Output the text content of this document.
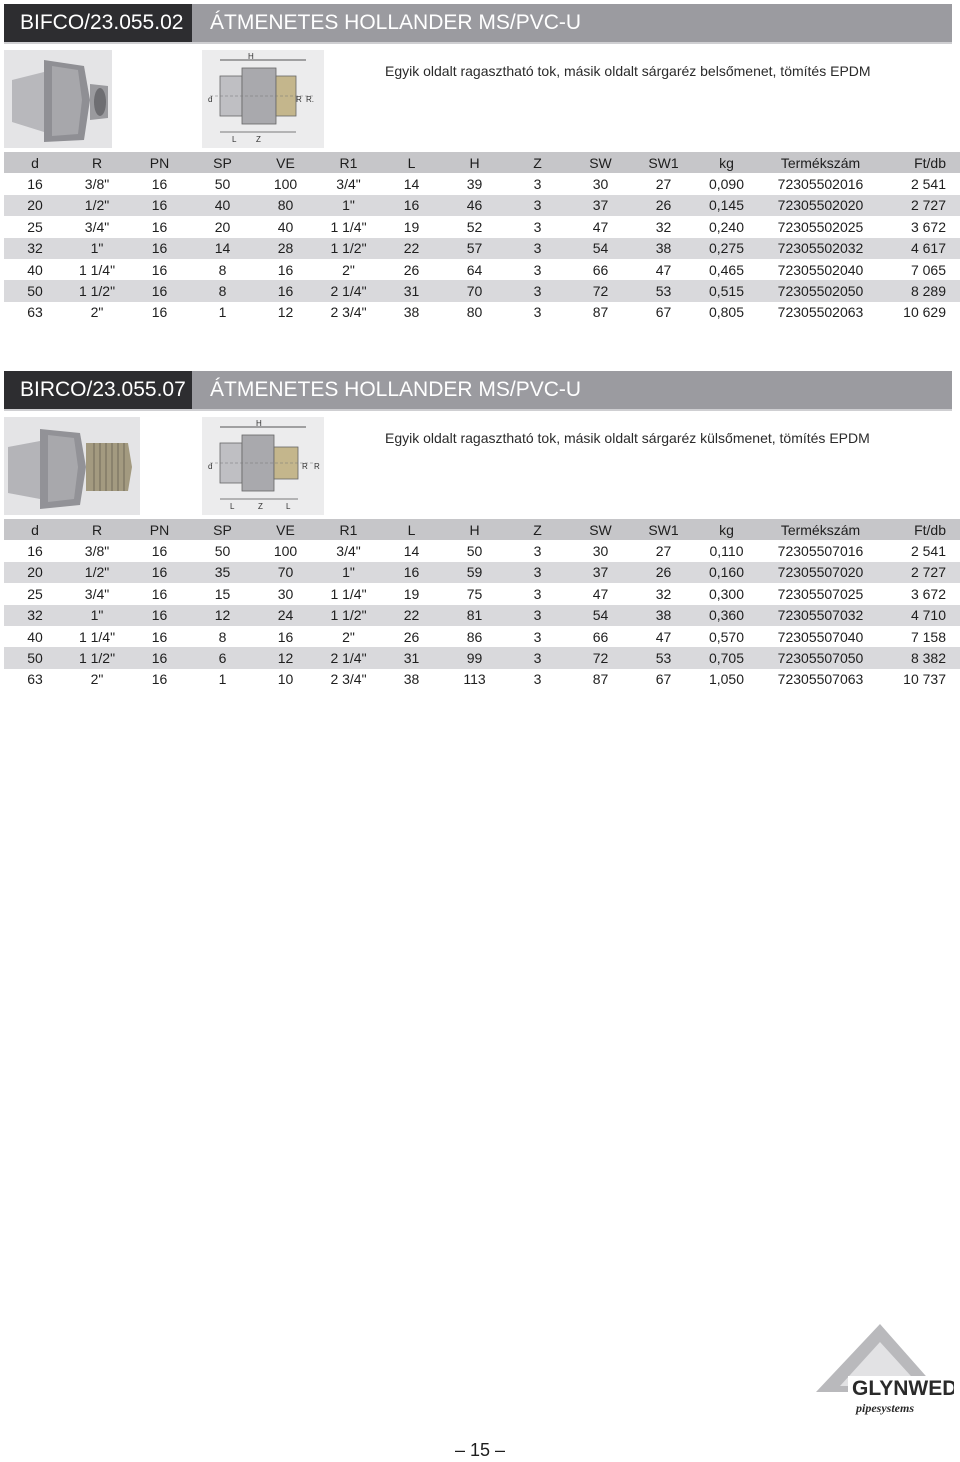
BIFCO/23.055.02	ÁTMENETES HOLLANDER MS/PVC-U
H
d	R R.
L Z
Egyik oldalt ragasztható tok, másik oldalt sárgaréz belsőmenet, tömítés EPDM
d	R	PN	SP	VE	R1	L	H	Z	SW	SW1	kg	Termékszám	Ft/db
16	3/8"	16	50	100	3/4"	14	39	3	30	27	0,090	72305502016	2 541
20	1/2"	16	40	80	1"	16	46	3	37	26	0,145	72305502020	2 727
25	3/4"	16	20	40	1 1/4"	19	52	3	47	32	0,240	72305502025	3 672
32	1"	16	14	28	1 1/2"	22	57	3	54	38	0,275	72305502032	4 617
40	1 1/4"	16	8	16	2"	26	64	3	66	47	0,465	72305502040	7 065
50	1 1/2"	16	8	16	2 1/4"	31	70	3	72	53	0,515	72305502050	8 289
63	2"	16	1	12	2 3/4"	38	80	3	87	67	0,805	72305502063	10 629
BIRCO/23.055.07 ÁTMENETES HOLLANDER MS/PVC-U
H
d	R R
L	Z	L
Egyik oldalt ragasztható tok, másik oldalt sárgaréz külsőmenet, tömítés EPDM
d	R	PN	SP	VE	R1	L	H	Z	SW	SW1	kg	Termékszám	Ft/db
16	3/8"	16	50	100	3/4"	14	50	3	30	27	0,110	72305507016	2 541
20	1/2"	16	35	70	1"	16	59	3	37	26	0,160	72305507020	2 727
25	3/4"	16	15	30	1 1/4"	19	75	3	47	32	0,300	72305507025	3 672
32	1"	16	12	24	1 1/2"	22	81	3	54	38	0,360	72305507032	4 710
40	1 1/4"	16	8	16	2"	26	86	3	66	47	0,570	72305507040	7 158
50	1 1/2"	16	6	12	2 1/4"	31	99	3	72	53	0,705	72305507050	8 382
63	2"	16	1	10	2 3/4"	38	113	3	87	67	1,050	72305507063	10 737
GLYNWED
pipesystems
– 15 –
